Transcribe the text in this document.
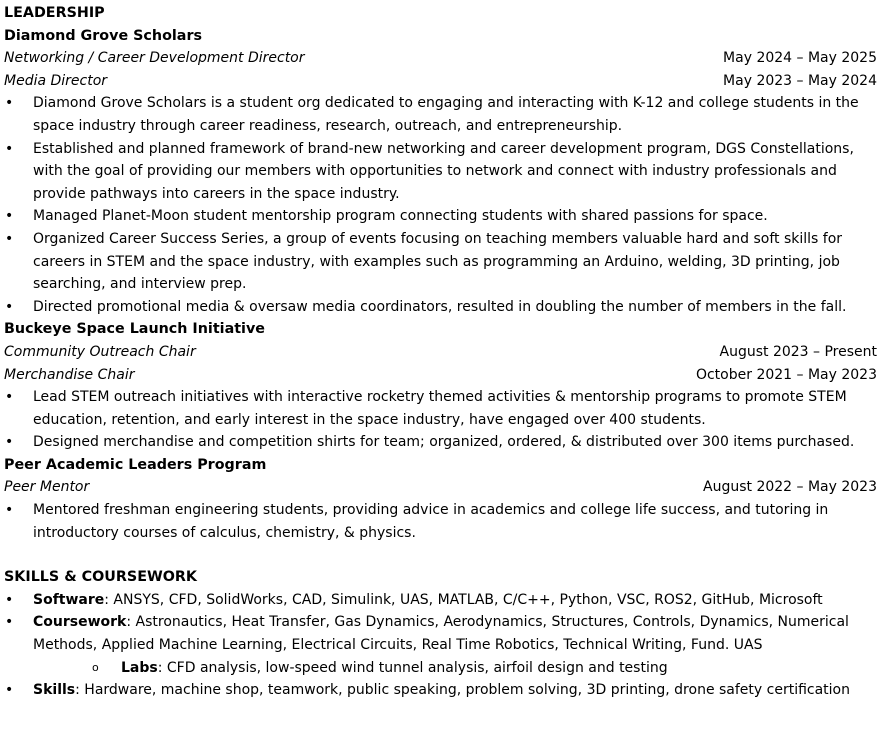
LEADERSHIP
Diamond Grove Scholars
Networking / Career Development Director	May 2024 – May 2025
Media Director	May 2023 – May 2024
• Diamond Grove Scholars is a student org dedicated to engaging and interacting with K-12 and college students in the space industry through career readiness, research, outreach, and entrepreneurship.
• Established and planned framework of brand-new networking and career development program, DGS Constellations, with the goal of providing our members with opportunities to network and connect with industry professionals and provide pathways into careers in the space industry.
• Managed Planet-Moon student mentorship program connecting students with shared passions for space.
• Organized Career Success Series, a group of events focusing on teaching members valuable hard and soft skills for careers in STEM and the space industry, with examples such as programming an Arduino, welding, 3D printing, job searching, and interview prep.
• Directed promotional media & oversaw media coordinators, resulted in doubling the number of members in the fall.
Buckeye Space Launch Initiative
Community Outreach Chair	August 2023 – Present
Merchandise Chair	October 2021 – May 2023
• Lead STEM outreach initiatives with interactive rocketry themed activities & mentorship programs to promote STEM education, retention, and early interest in the space industry, have engaged over 400 students.
• Designed merchandise and competition shirts for team; organized, ordered, & distributed over 300 items purchased.
Peer Academic Leaders Program
Peer Mentor	August 2022 – May 2023
• Mentored freshman engineering students, providing advice in academics and college life success, and tutoring in introductory courses of calculus, chemistry, & physics.
SKILLS & COURSEWORK
• Software: ANSYS, CFD, SolidWorks, CAD, Simulink, UAS, MATLAB, C/C++, Python, VSC, ROS2, GitHub, Microsoft
• Coursework: Astronautics, Heat Transfer, Gas Dynamics, Aerodynamics, Structures, Controls, Dynamics, Numerical Methods, Applied Machine Learning, Electrical Circuits, Real Time Robotics, Technical Writing, Fund. UAS
o Labs: CFD analysis, low-speed wind tunnel analysis, airfoil design and testing
• Skills: Hardware, machine shop, teamwork, public speaking, problem solving, 3D printing, drone safety certification
